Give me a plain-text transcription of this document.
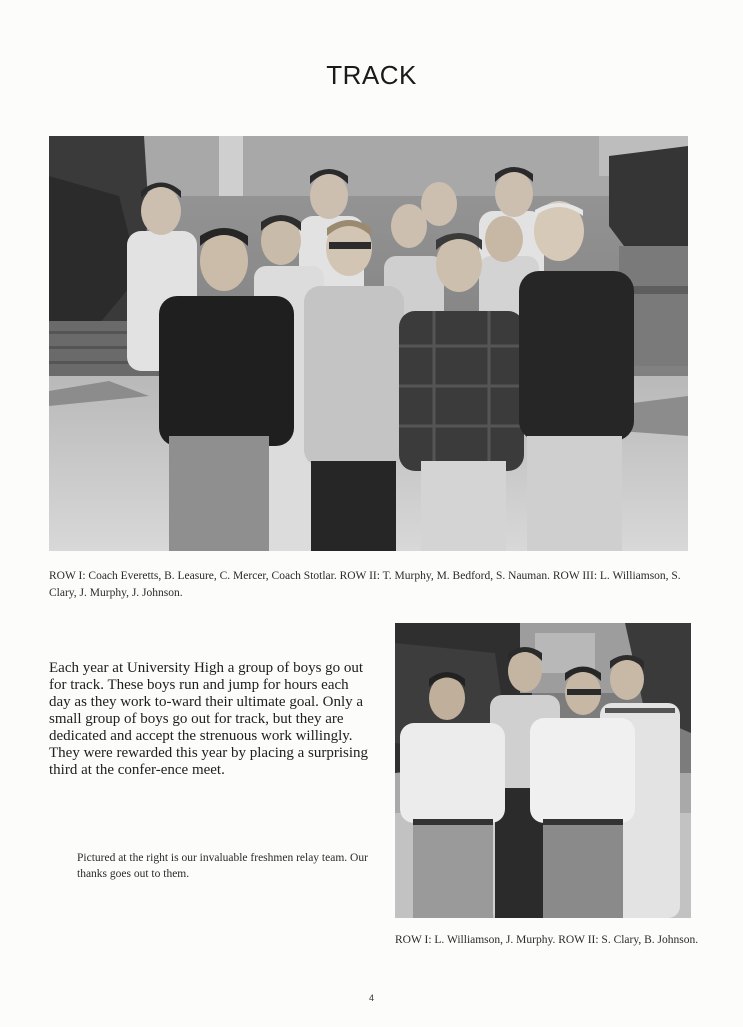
TRACK
ROW I: Coach Everetts, B. Leasure, C. Mercer, Coach Stotlar. ROW II: T. Murphy, M. Bedford, S. Nauman. ROW III: L. Williamson, S. Clary, J. Murphy, J. Johnson.
Each year at University High a group of boys go out for track. These boys run and jump for hours each day as they work to-ward their ultimate goal. Only a small group of boys go out for track, but they are dedicated and accept the strenuous work willingly. They were rewarded this year by placing a surprising third at the confer-ence meet.
Pictured at the right is our invaluable freshmen relay team. Our thanks goes out to them.
ROW I: L. Williamson, J. Murphy. ROW II: S. Clary, B. Johnson.
4
